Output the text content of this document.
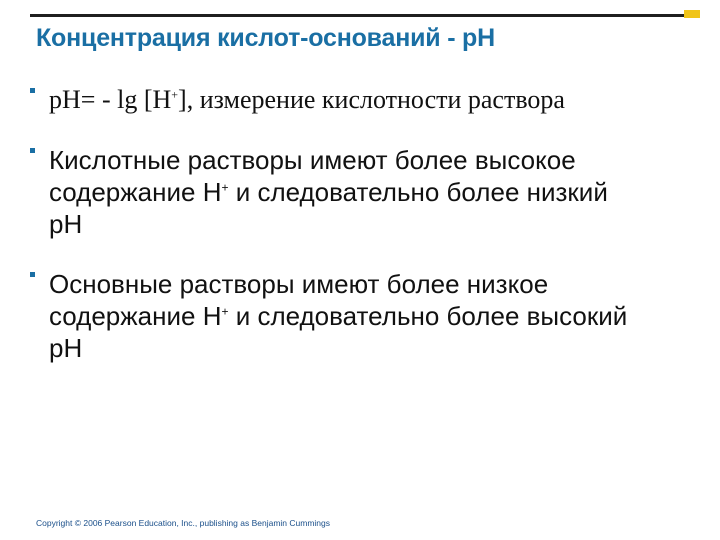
Концентрация кислот-оснований - pH
pH= - lg [H+], измерение кислотности раствора
Кислотные растворы имеют более высокое
содержание H+ и следовательно более низкий
pH
Основные растворы имеют более низкое
содержание H+ и следовательно более высокий
pH
Copyright © 2006 Pearson Education, Inc., publishing as Benjamin Cummings
